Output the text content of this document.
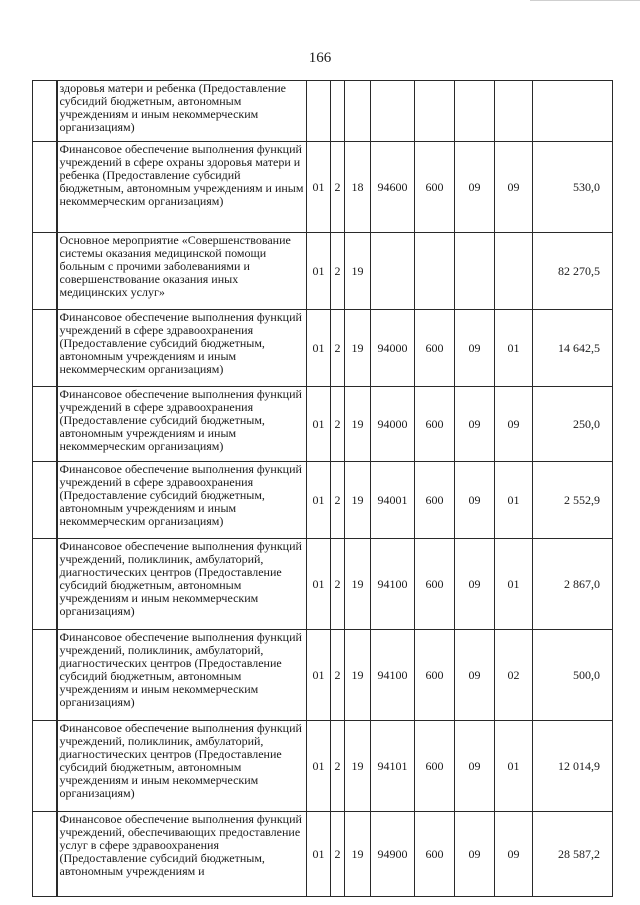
166
	здоровья матери и ребенка (Предоставление субсидий бюджетным, автономным учреждениям и иным некоммерческим организациям)								
	Финансовое обеспечение выполнения функций учреждений в сфере охраны здоровья матери и ребенка (Предоставление субсидий бюджетным, автономным учреждениям и иным некоммерческим организациям)	01	2	18	94600	600	09	09	530,0
	Основное мероприятие «Совершенствование системы оказания медицинской помощи больным с прочими заболеваниями и совершенствование оказания иных медицинских услуг»	01	2	19					82 270,5
	Финансовое обеспечение выполнения функций учреждений в сфере здравоохранения (Предоставление субсидий бюджетным, автономным учреждениям и иным некоммерческим организациям)	01	2	19	94000	600	09	01	14 642,5
	Финансовое обеспечение выполнения функций учреждений в сфере здравоохранения (Предоставление субсидий бюджетным, автономным учреждениям и иным некоммерческим организациям)	01	2	19	94000	600	09	09	250,0
	Финансовое обеспечение выполнения функций учреждений в сфере здравоохранения (Предоставление субсидий бюджетным, автономным учреждениям и иным некоммерческим организациям)	01	2	19	94001	600	09	01	2 552,9
	Финансовое обеспечение выполнения функций учреждений, поликлиник, амбулаторий, диагностических центров (Предоставление субсидий бюджетным, автономным учреждениям и иным некоммерческим организациям)	01	2	19	94100	600	09	01	2 867,0
	Финансовое обеспечение выполнения функций учреждений, поликлиник, амбулаторий, диагностических центров (Предоставление субсидий бюджетным, автономным учреждениям и иным некоммерческим организациям)	01	2	19	94100	600	09	02	500,0
	Финансовое обеспечение выполнения функций учреждений, поликлиник, амбулаторий, диагностических центров (Предоставление субсидий бюджетным, автономным учреждениям и иным некоммерческим организациям)	01	2	19	94101	600	09	01	12 014,9
	Финансовое обеспечение выполнения функций учреждений, обеспечивающих предоставление услуг в сфере здравоохранения (Предоставление субсидий бюджетным, автономным учреждениям и	01	2	19	94900	600	09	09	28 587,2
